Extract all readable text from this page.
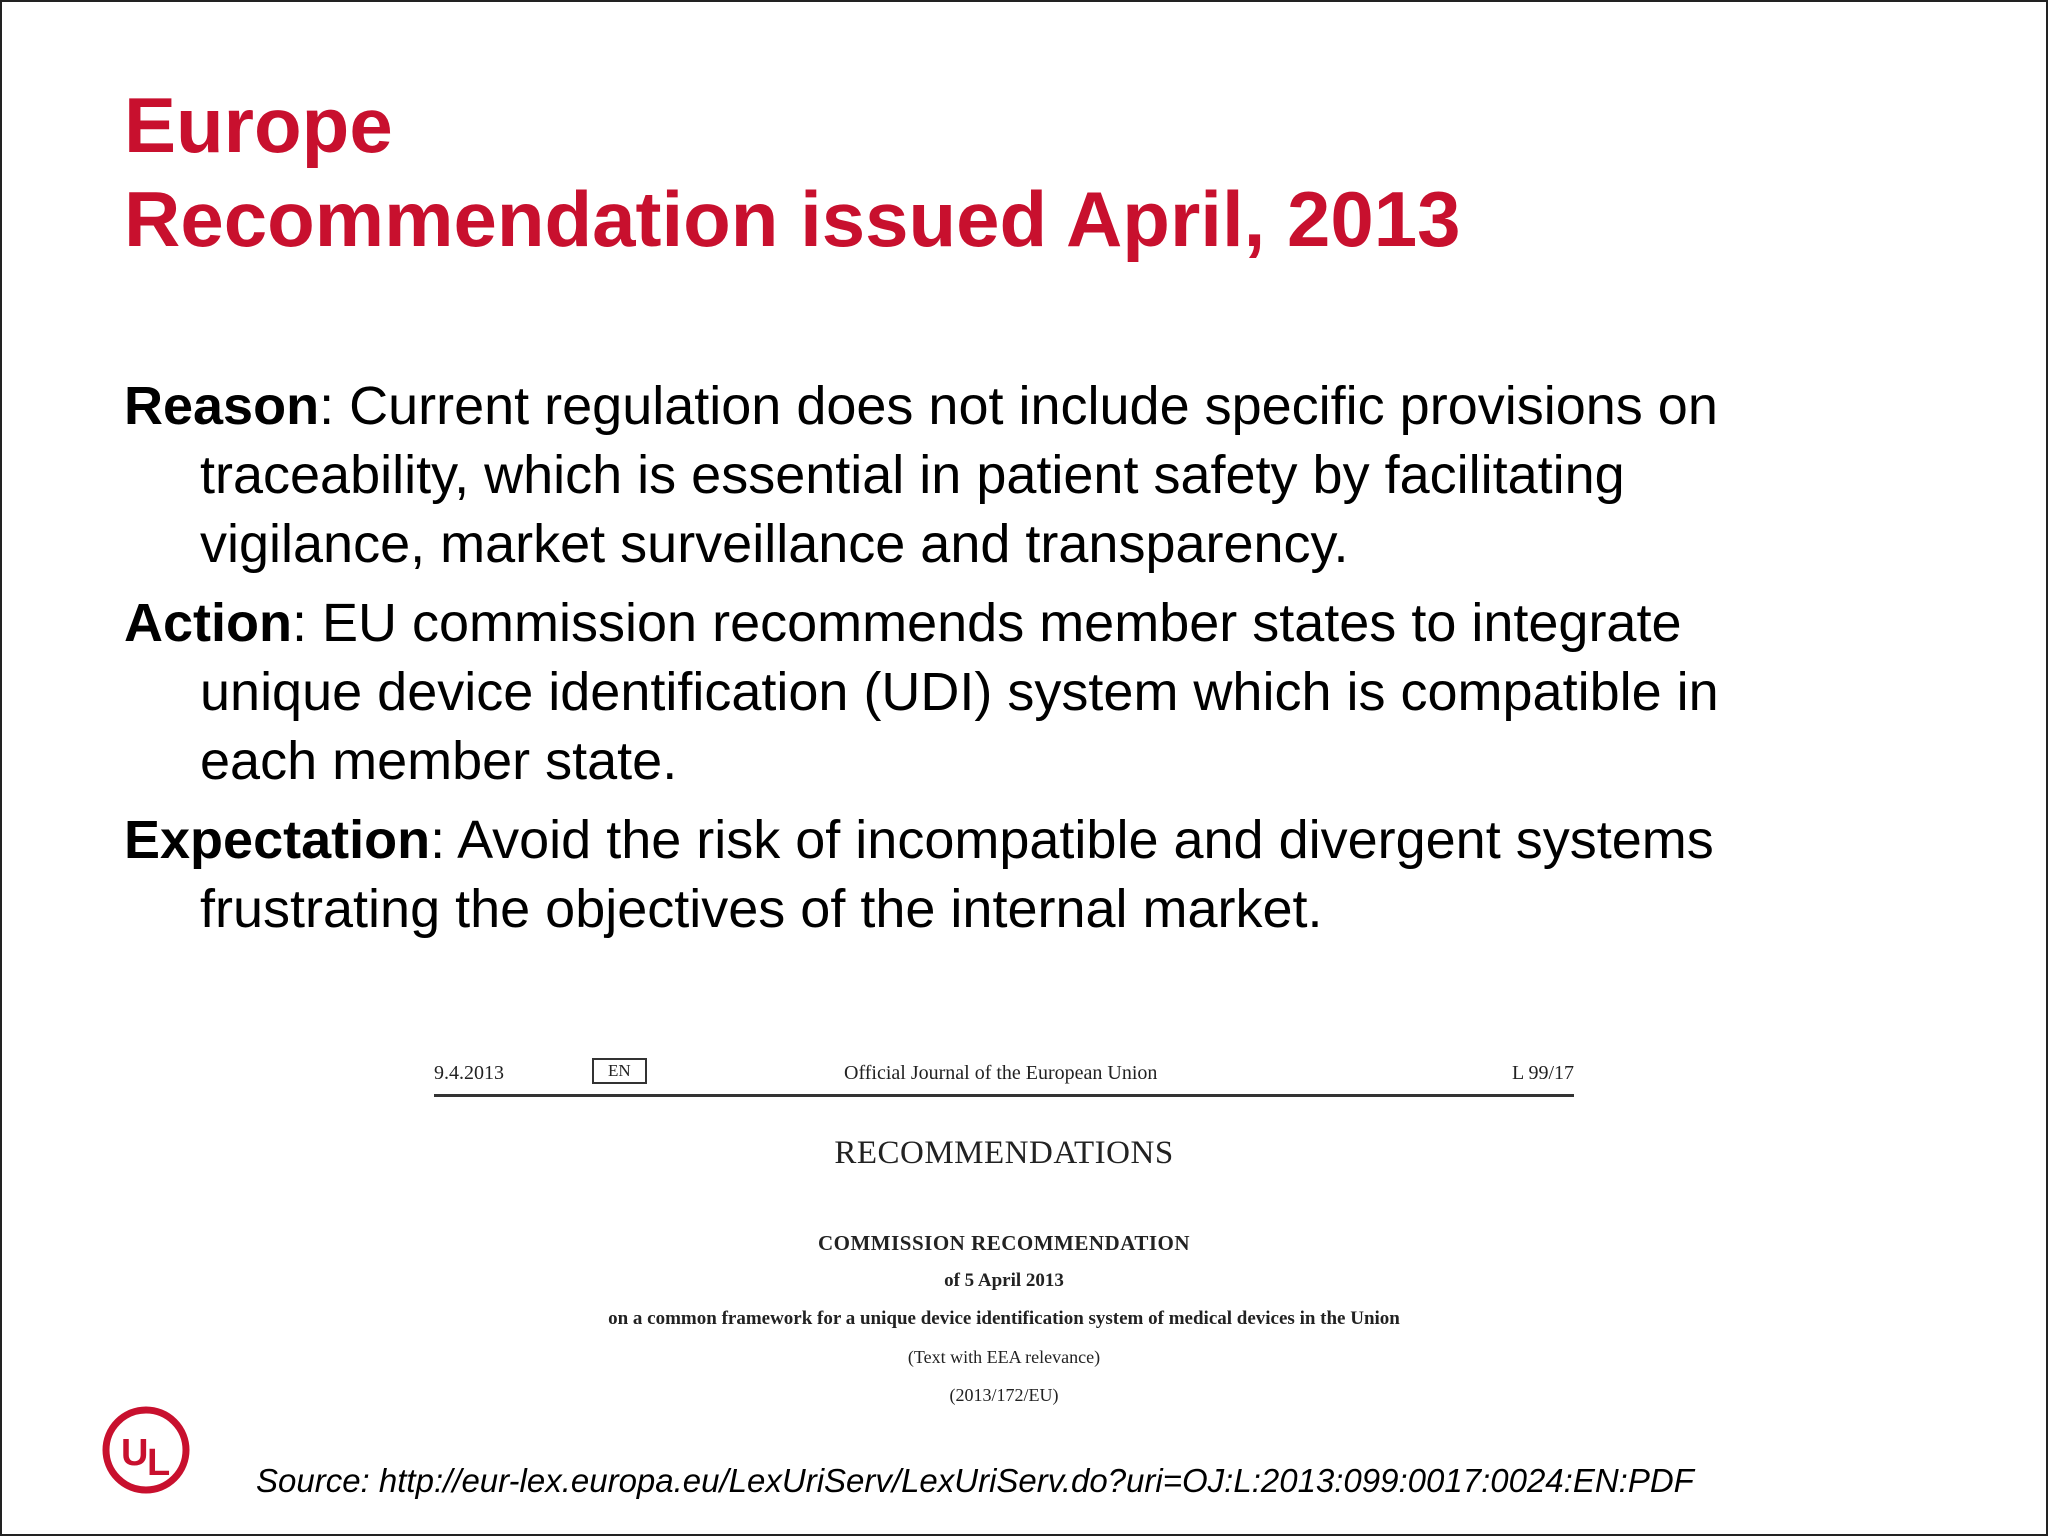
Europe
Recommendation issued April, 2013
Reason: Current regulation does not include specific provisions on
traceability, which is essential in patient safety by facilitating
vigilance, market surveillance and transparency.
Action: EU commission recommends member states to integrate
unique device identification (UDI) system which is compatible in
each member state.
Expectation: Avoid the risk of incompatible and divergent systems
frustrating the objectives of the internal market.
9.4.2013	EN	Official Journal of the European Union	L 99/17
RECOMMENDATIONS
COMMISSION RECOMMENDATION
of 5 April 2013
on a common framework for a unique device identification system of medical devices in the Union
(Text with EEA relevance)
(2013/172/EU)
U
L	Source: http://eur-lex.europa.eu/LexUriServ/LexUriServ.do?uri=OJ:L:2013:099:0017:0024:EN:PDF
